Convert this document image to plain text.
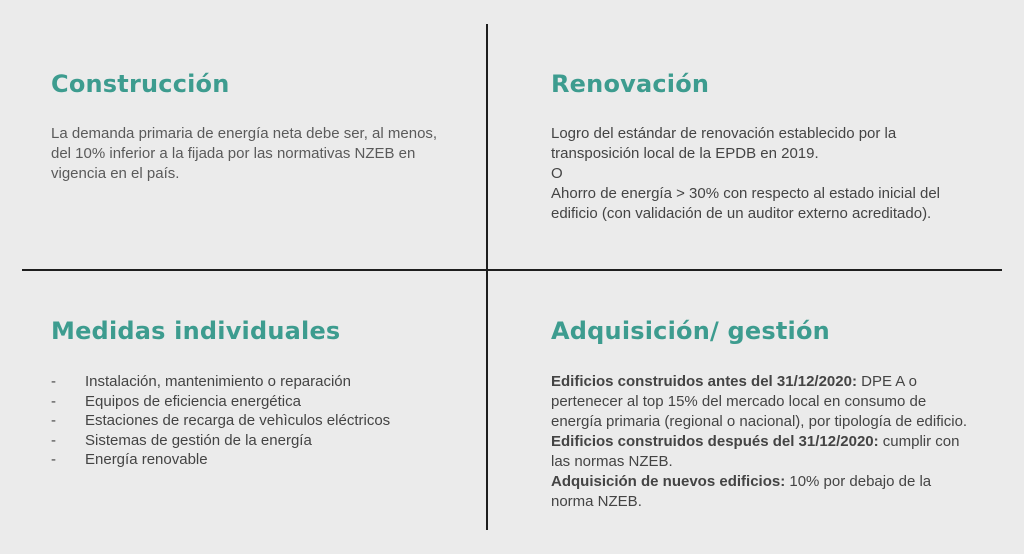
Construcción

La demanda primaria de energía neta debe ser, al menos, del 10% inferior a la fijada por las normativas NZEB en vigencia en el país.

Renovación

Logro del estándar de renovación establecido por la transposición local de la EPDB en 2019.

O

Ahorro de energía > 30% con respecto al estado inicial del edificio (con validación de un auditor externo acreditado).

Medidas individuales
- Instalación, mantenimiento o reparación
- Equipos de eficiencia energética
- Estaciones de recarga de vehìculos eléctricos
- Sistemas de gestión de la energía
- Energía renovable
Adquisición/ gestión

Edificios construidos antes del 31/12/2020: DPE A o pertenecer al top 15% del mercado local en consumo de energía primaria (regional o nacional), por tipología de edificio.

Edificios construidos después del 31/12/2020: cumplir con las normas NZEB.

Adquisición de nuevos edificios: 10% por debajo de la norma NZEB.
